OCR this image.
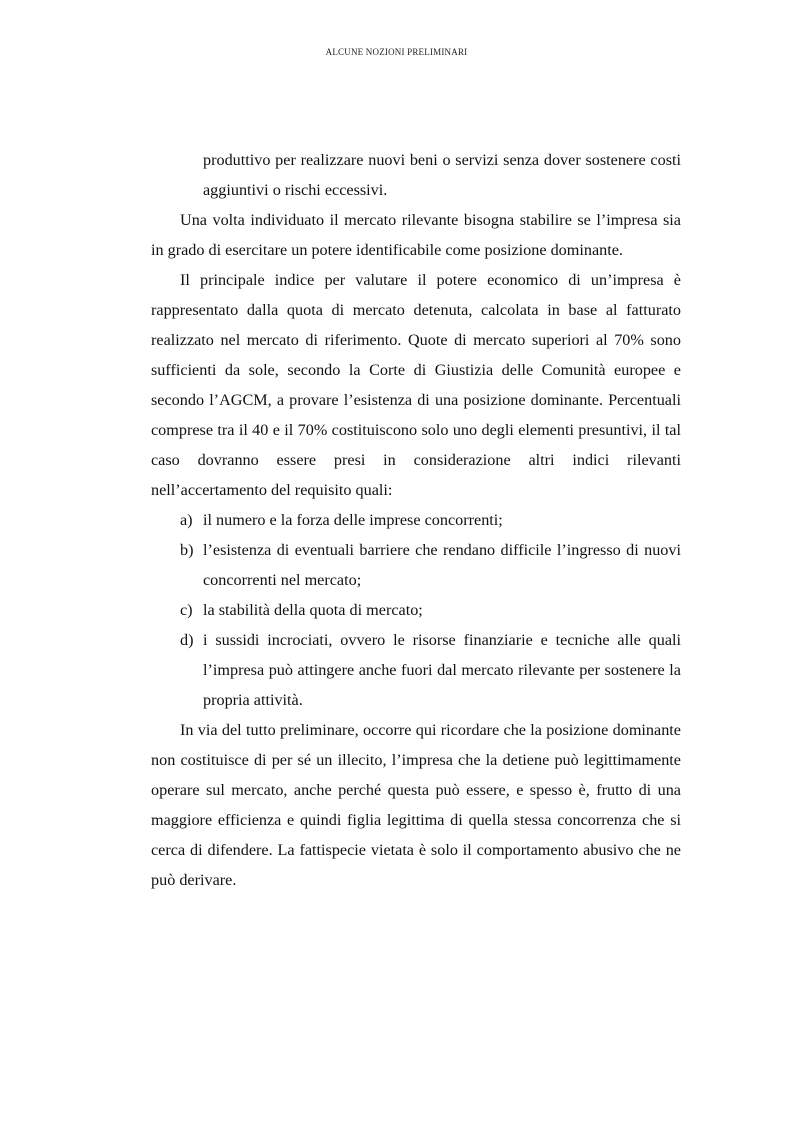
ALCUNE NOZIONI PRELIMINARI

produttivo per realizzare nuovi beni o servizi senza dover sostenere costi aggiuntivi o rischi eccessivi.

Una volta individuato il mercato rilevante bisogna stabilire se l’impresa sia in grado di esercitare un potere identificabile come posizione dominante.

Il principale indice per valutare il potere economico di un’impresa è rappresentato dalla quota di mercato detenuta, calcolata in base al fatturato realizzato nel mercato di riferimento. Quote di mercato superiori al 70% sono sufficienti da sole, secondo la Corte di Giustizia delle Comunità europee e secondo l’AGCM, a provare l’esistenza di una posizione dominante. Percentuali comprese tra il 40 e il 70% costituiscono solo uno degli elementi presuntivi, il tal caso dovranno essere presi in considerazione altri indici rilevanti nell’accertamento del requisito quali:

a) il numero e la forza delle imprese concorrenti;

b) l’esistenza di eventuali barriere che rendano difficile l’ingresso di nuovi concorrenti nel mercato;

c) la stabilità della quota di mercato;

d) i sussidi incrociati, ovvero le risorse finanziarie e tecniche alle quali l’impresa può attingere anche fuori dal mercato rilevante per sostenere la propria attività.

In via del tutto preliminare, occorre qui ricordare che la posizione dominante non costituisce di per sé un illecito, l’impresa che la detiene può legittimamente operare sul mercato, anche perché questa può essere, e spesso è, frutto di una maggiore efficienza e quindi figlia legittima di quella stessa concorrenza che si cerca di difendere. La fattispecie vietata è solo il comportamento abusivo che ne può derivare.
